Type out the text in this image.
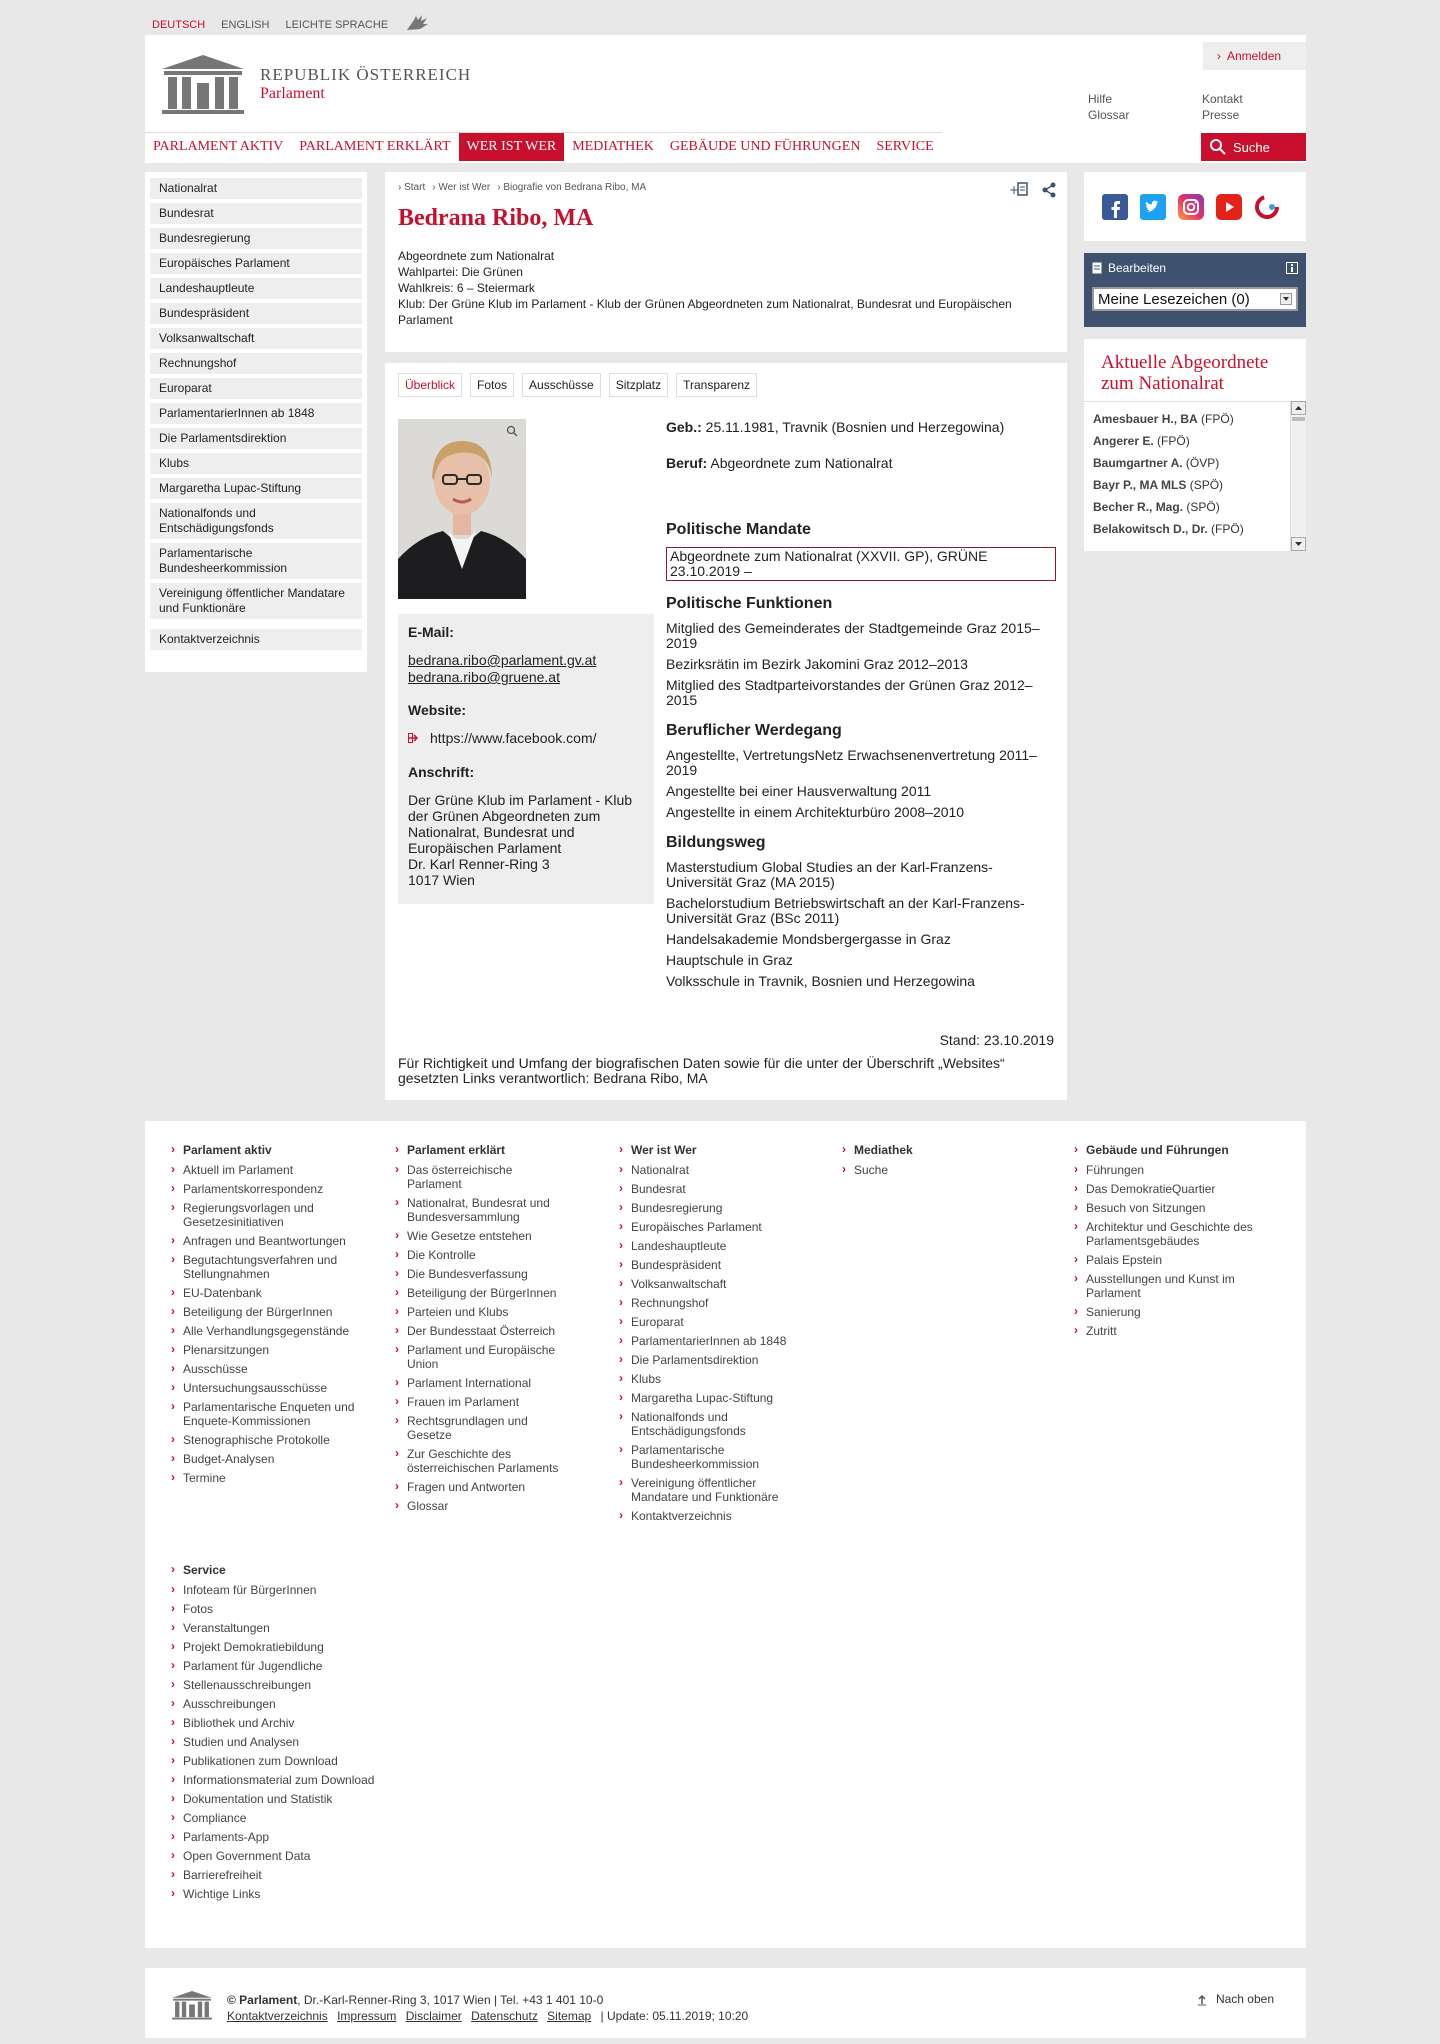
DEUTSCH ENGLISH LEICHTE SPRACHE
REPUBLIK ÖSTERREICH
Parlament
› Anmelden
Hilfe	Kontakt
Glossar	Presse
PARLAMENT AKTIV	PARLAMENT ERKLÄRT	WER IST WER	MEDIATHEK	GEBÄUDE UND FÜHRUNGEN	SERVICE	Suche
Nationalrat
Bundesrat
Bundesregierung
Europäisches Parlament
Landeshauptleute
Bundespräsident
Volksanwaltschaft
Rechnungshof
Europarat
ParlamentarierInnen ab 1848
Die Parlamentsdirektion
Klubs
Margaretha Lupac-Stiftung
Nationalfonds und Entschädigungsfonds
Parlamentarische Bundesheerkommission
Vereinigung öffentlicher Mandatare und Funktionäre
Kontaktverzeichnis
› Start	› Wer ist Wer	› Biografie von Bedrana Ribo, MA	+
Bedrana Ribo, MA
Abgeordnete zum Nationalrat
Wahlpartei: Die Grünen
Wahlkreis: 6 – Steiermark
Klub: Der Grüne Klub im Parlament - Klub der Grünen Abgeordneten zum Nationalrat, Bundesrat und Europäischen Parlament
Überblick	Fotos	Ausschüsse	Sitzplatz	Transparenz
E-Mail:
bedrana.ribo@parlament.gv.at
bedrana.ribo@gruene.at
Website:
https://www.facebook.com/
Anschrift:
Der Grüne Klub im Parlament - Klub der Grünen Abgeordneten zum Nationalrat, Bundesrat und Europäischen Parlament
Dr. Karl Renner-Ring 3
1017 Wien
Geb.: 25.11.1981, Travnik (Bosnien und Herzegowina)
Beruf: Abgeordnete zum Nationalrat
Politische Mandate
Abgeordnete zum Nationalrat (XXVII. GP), GRÜNE 23.10.2019 –
Politische Funktionen
Mitglied des Gemeinderates der Stadtgemeinde Graz 2015–2019
Bezirksrätin im Bezirk Jakomini Graz 2012–2013
Mitglied des Stadtparteivorstandes der Grünen Graz 2012–2015
Beruflicher Werdegang
Angestellte, VertretungsNetz Erwachsenenvertretung 2011–2019
Angestellte bei einer Hausverwaltung 2011
Angestellte in einem Architekturbüro 2008–2010
Bildungsweg
Masterstudium Global Studies an der Karl-Franzens-Universität Graz (MA 2015)
Bachelorstudium Betriebswirtschaft an der Karl-Franzens-Universität Graz (BSc 2011)
Handelsakademie Mondsbergergasse in Graz
Hauptschule in Graz
Volksschule in Travnik, Bosnien und Herzegowina
Stand: 23.10.2019
Für Richtigkeit und Umfang der biografischen Daten sowie für die unter der Überschrift „Websites“ gesetzten Links verantwortlich: Bedrana Ribo, MA
Bearbeiten
Meine Lesezeichen (0)
Aktuelle Abgeordnete zum Nationalrat
Amesbauer H., BA (FPÖ)
Angerer E. (FPÖ)
Baumgartner A. (ÖVP)
Bayr P., MA MLS (SPÖ)
Becher R., Mag. (SPÖ)
Belakowitsch D., Dr. (FPÖ)
› Parlament aktiv
› Aktuell im Parlament
› Parlamentskorrespondenz
› Regierungsvorlagen und Gesetzesinitiativen
› Anfragen und Beantwortungen
› Begutachtungsverfahren und Stellungnahmen
› EU-Datenbank
› Beteiligung der BürgerInnen
› Alle Verhandlungsgegenstände
› Plenarsitzungen
› Ausschüsse
› Untersuchungsausschüsse
› Parlamentarische Enqueten und Enquete-Kommissionen
› Stenographische Protokolle
› Budget-Analysen
› Termine
› Parlament erklärt
› Das österreichische Parlament
› Nationalrat, Bundesrat und Bundesversammlung
› Wie Gesetze entstehen
› Die Kontrolle
› Die Bundesverfassung
› Beteiligung der BürgerInnen
› Parteien und Klubs
› Der Bundesstaat Österreich
› Parlament und Europäische Union
› Parlament International
› Frauen im Parlament
› Rechtsgrundlagen und Gesetze
› Zur Geschichte des österreichischen Parlaments
› Fragen und Antworten
› Glossar
› Wer ist Wer
› Nationalrat
› Bundesrat
› Bundesregierung
› Europäisches Parlament
› Landeshauptleute
› Bundespräsident
› Volksanwaltschaft
› Rechnungshof
› Europarat
› ParlamentarierInnen ab 1848
› Die Parlamentsdirektion
› Klubs
› Margaretha Lupac-Stiftung
› Nationalfonds und Entschädigungsfonds
› Parlamentarische Bundesheerkommission
› Vereinigung öffentlicher Mandatare und Funktionäre
› Kontaktverzeichnis
› Mediathek
› Suche
› Gebäude und Führungen
› Führungen
› Das DemokratieQuartier
› Besuch von Sitzungen
› Architektur und Geschichte des Parlamentsgebäudes
› Palais Epstein
› Ausstellungen und Kunst im Parlament
› Sanierung
› Zutritt
› Service
› Infoteam für BürgerInnen
› Fotos
› Veranstaltungen
› Projekt Demokratiebildung
› Parlament für Jugendliche
› Stellenausschreibungen
› Ausschreibungen
› Bibliothek und Archiv
› Studien und Analysen
› Publikationen zum Download
› Informationsmaterial zum Download
› Dokumentation und Statistik
› Compliance
› Parlaments-App
› Open Government Data
› Barrierefreiheit
› Wichtige Links
© Parlament, Dr.-Karl-Renner-Ring 3, 1017 Wien | Tel. +43 1 401 10-0
Kontaktverzeichnis Impressum Disclaimer Datenschutz Sitemap | Update: 05.11.2019; 10:20
Nach oben
